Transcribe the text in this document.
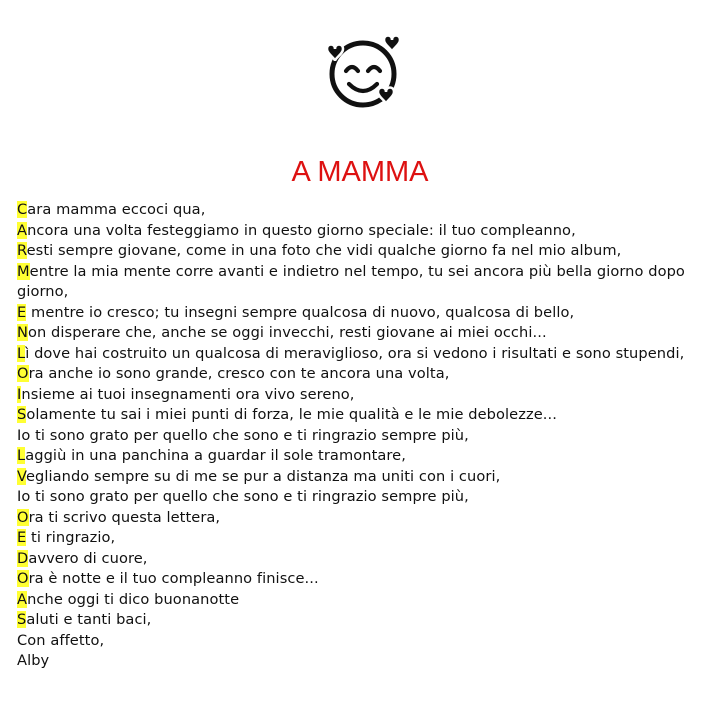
A MAMMA
Cara mamma eccoci qua,
Ancora una volta festeggiamo in questo giorno speciale: il tuo compleanno,
Resti sempre giovane, come in una foto che vidi qualche giorno fa nel mio album,
Mentre la mia mente corre avanti e indietro nel tempo, tu sei ancora più bella giorno dopo giorno,
E mentre io cresco; tu insegni sempre qualcosa di nuovo, qualcosa di bello,
Non disperare che, anche se oggi invecchi, resti giovane ai miei occhi...
Lì dove hai costruito un qualcosa di meraviglioso, ora si vedono i risultati e sono stupendi,
Ora anche io sono grande, cresco con te ancora una volta,
Insieme ai tuoi insegnamenti ora vivo sereno,
Solamente tu sai i miei punti di forza, le mie qualità e le mie debolezze...
Io ti sono grato per quello che sono e ti ringrazio sempre più,
Laggiù in una panchina a guardar il sole tramontare,
Vegliando sempre su di me se pur a distanza ma uniti con i cuori,
Io ti sono grato per quello che sono e ti ringrazio sempre più,
Ora ti scrivo questa lettera,
E ti ringrazio,
Davvero di cuore,
Ora è notte e il tuo compleanno finisce...
Anche oggi ti dico buonanotte
Saluti e tanti baci,
Con affetto,
Alby
